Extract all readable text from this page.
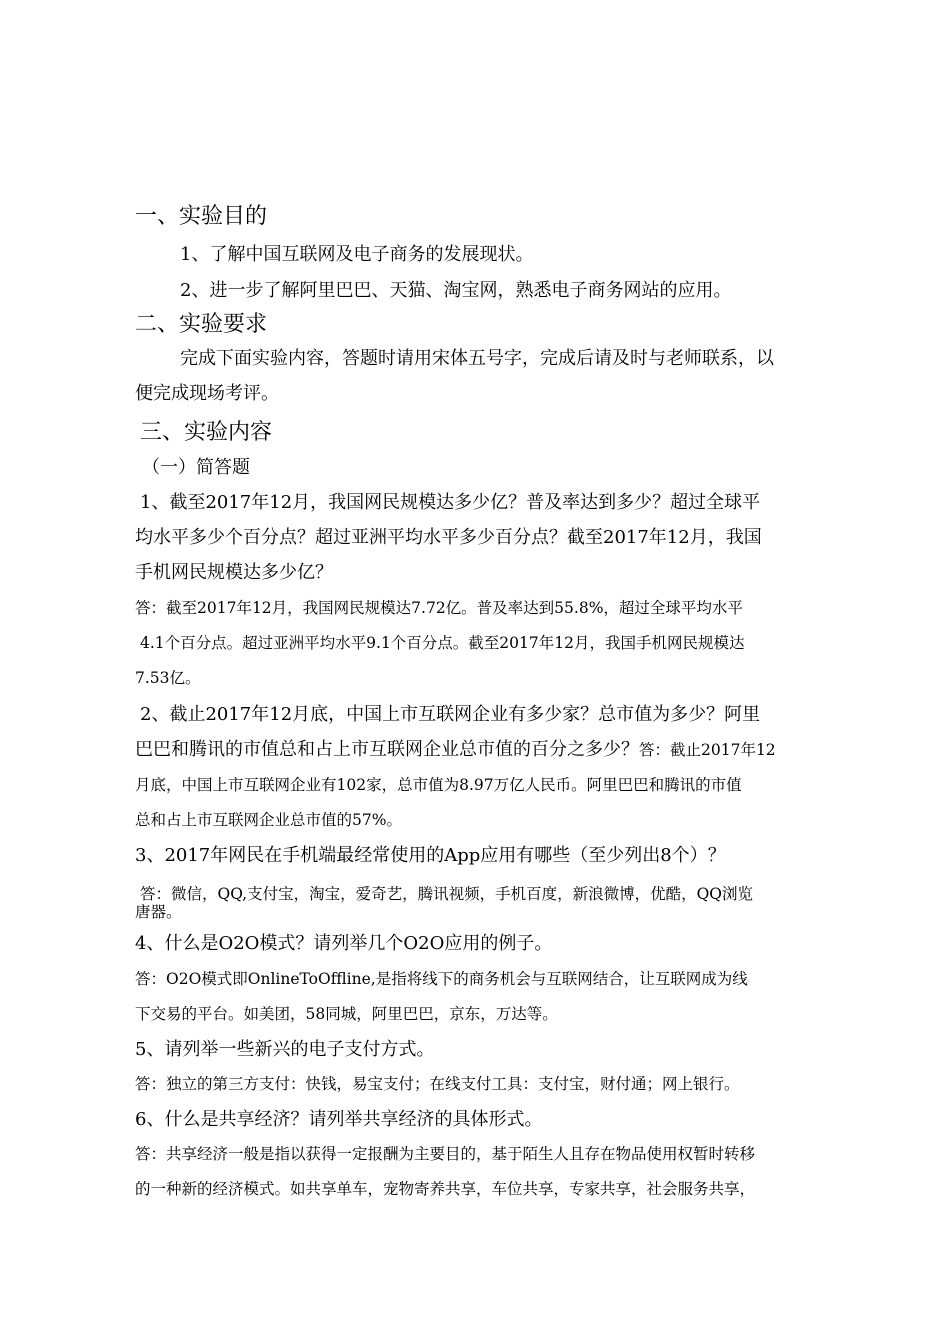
一、实验目的
1、了解中国互联网及电子商务的发展现状。
2、进一步了解阿里巴巴、天猫、淘宝网，熟悉电子商务网站的应用。
二、实验要求
完成下面实验内容，答题时请用宋体五号字，完成后请及时与老师联系，以
便完成现场考评。
三、实验内容
（一）简答题
1、截至2017年12月，我国网民规模达多少亿？普及率达到多少？超过全球平
均水平多少个百分点？超过亚洲平均水平多少百分点？截至2017年12月，我国
手机网民规模达多少亿？
答：截至2017年12月，我国网民规模达7.72亿。普及率达到55.8%，超过全球平均水平
4.1个百分点。超过亚洲平均水平9.1个百分点。截至2017年12月，我国手机网民规模达
7.53亿。
2、截止2017年12月底，中国上市互联网企业有多少家？总市值为多少？阿里
巴巴和腾讯的市值总和占上市互联网企业总市值的百分之多少？答：截止2017年12
月底，中国上市互联网企业有102家，总市值为8.97万亿人民币。阿里巴巴和腾讯的市值
总和占上市互联网企业总市值的57%。
3、2017年网民在手机端最经常使用的App应用有哪些（至少列出8个）？
答：微信，QQ,支付宝，淘宝，爱奇艺，腾讯视频，手机百度，新浪微博，优酷，QQ浏览
唐器。
4、什么是O2O模式？请列举几个O2O应用的例子。
答：O2O模式即OnlineToOffline,是指将线下的商务机会与互联网结合，让互联网成为线
下交易的平台。如美团，58同城，阿里巴巴，京东，万达等。
5、请列举一些新兴的电子支付方式。
答：独立的第三方支付：快钱，易宝支付；在线支付工具：支付宝，财付通；网上银行。
6、什么是共享经济？请列举共享经济的具体形式。
答：共享经济一般是指以获得一定报酬为主要目的，基于陌生人且存在物品使用权暂时转移
的一种新的经济模式。如共享单车，宠物寄养共享，车位共享，专家共享，社会服务共享，
